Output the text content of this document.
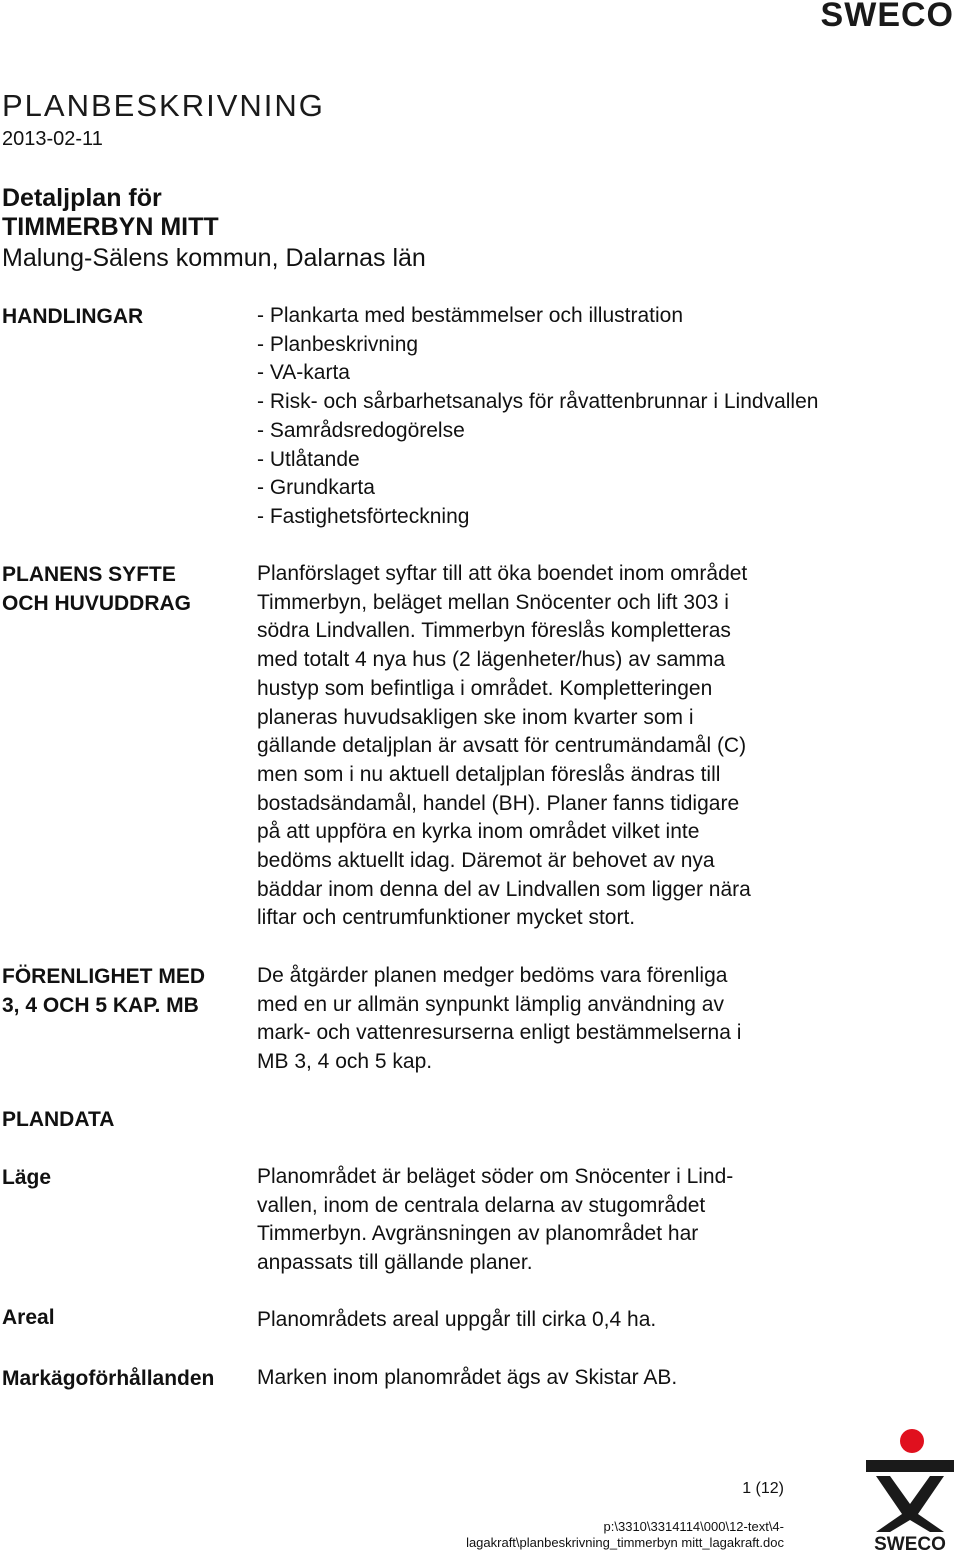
SWECO
PLANBESKRIVNING
2013-02-11
Detaljplan för
TIMMERBYN MITT
Malung-Sälens kommun, Dalarnas län
HANDLINGAR	- Plankarta med bestämmelser och illustration
- Planbeskrivning
- VA-karta
- Risk- och sårbarhetsanalys för råvattenbrunnar i Lindvallen
- Samrådsredogörelse
- Utlåtande
- Grundkarta
- Fastighetsförteckning
PLANENS SYFTE
OCH HUVUDDRAG
Planförslaget syftar till att öka boendet inom området
Timmerbyn, beläget mellan Snöcenter och lift 303 i
södra Lindvallen. Timmerbyn föreslås kompletteras
med totalt 4 nya hus (2 lägenheter/hus) av samma
hustyp som befintliga i området. Kompletteringen
planeras huvudsakligen ske inom kvarter som i
gällande detaljplan är avsatt för centrumändamål (C)
men som i nu aktuell detaljplan föreslås ändras till
bostadsändamål, handel (BH). Planer fanns tidigare
på att uppföra en kyrka inom området vilket inte
bedöms aktuellt idag. Däremot är behovet av nya
bäddar inom denna del av Lindvallen som ligger nära
liftar och centrumfunktioner mycket stort.
FÖRENLIGHET MED
3, 4 OCH 5 KAP. MB
De åtgärder planen medger bedöms vara förenliga
med en ur allmän synpunkt lämplig användning av
mark- och vattenresurserna enligt bestämmelserna i
MB 3, 4 och 5 kap.
PLANDATA
Läge	Planområdet är beläget söder om Snöcenter i Lind-
vallen, inom de centrala delarna av stugområdet
Timmerbyn. Avgränsningen av planområdet har
anpassats till gällande planer.
Areal	Planområdets areal uppgår till cirka 0,4 ha.
Markägoförhållanden Marken inom planområdet ägs av Skistar AB.
1 (12)
p:\3310\3314114\000\12-text\4-
lagakraft\planbeskrivning_timmerbyn mitt_lagakraft.doc	SWECO
